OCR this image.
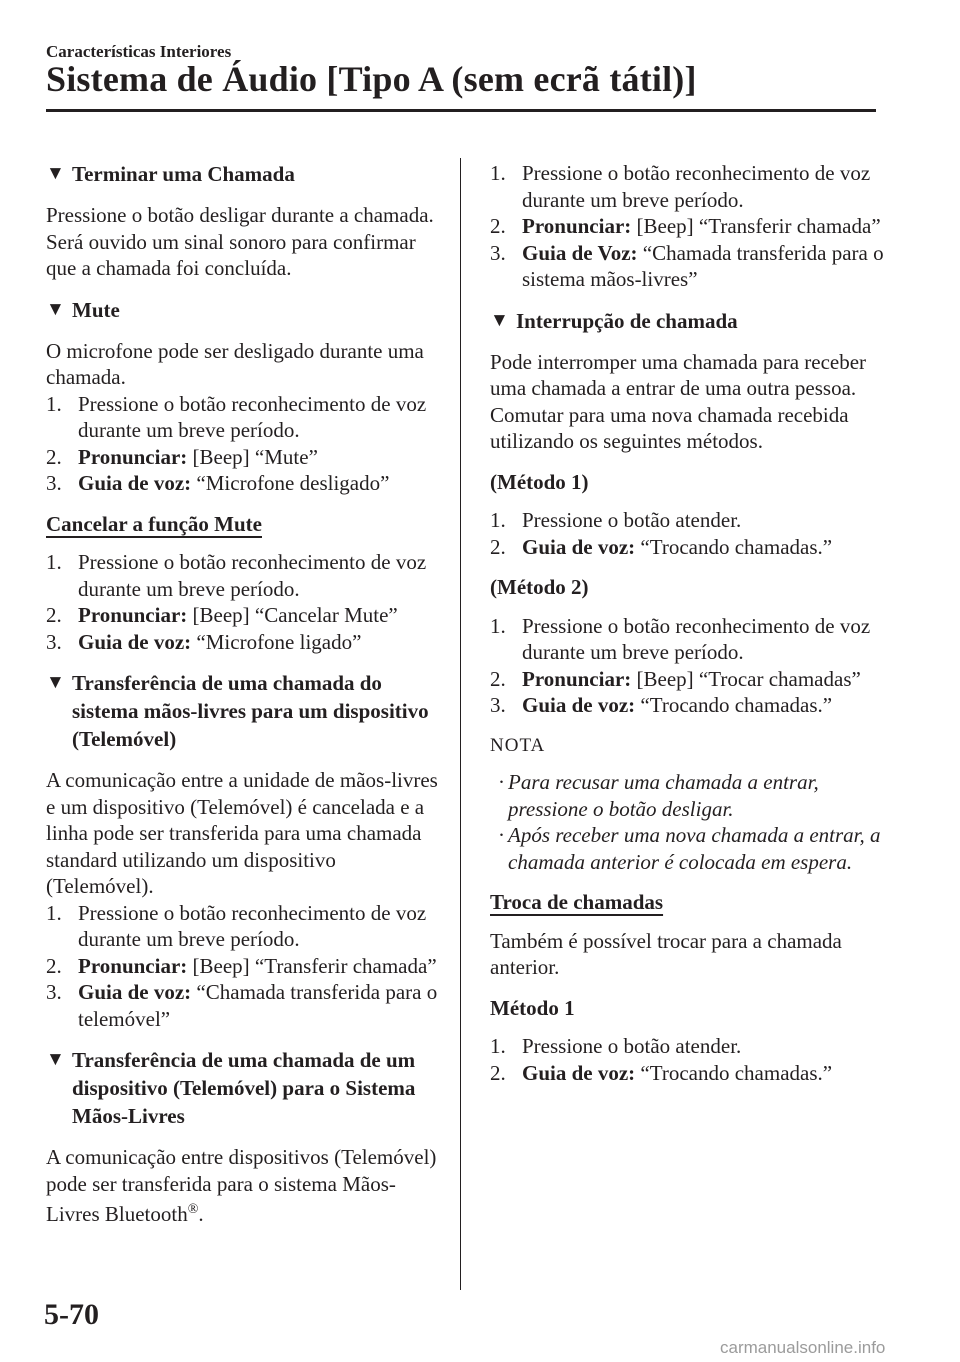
Características Interiores
Sistema de Áudio [Tipo A (sem ecrã tátil)]
▼ Terminar uma Chamada

Pressione o botão desligar durante a chamada. Será ouvido um sinal sonoro para confirmar que a chamada foi concluída.

▼ Mute

O microfone pode ser desligado durante uma chamada.

1. Pressione o botão reconhecimento de voz durante um breve período.
2. Pronunciar: [Beep] “Mute”
3. Guia de voz: “Microfone desligado”
Cancelar a função Mute
1. Pressione o botão reconhecimento de voz durante um breve período.
2. Pronunciar: [Beep] “Cancelar Mute”
3. Guia de voz: “Microfone ligado”
▼ Transferência de uma chamada do sistema mãos-livres para um dispositivo (Telemóvel)

A comunicação entre a unidade de mãos-livres e um dispositivo (Telemóvel) é cancelada e a linha pode ser transferida para uma chamada standard utilizando um dispositivo (Telemóvel).

1. Pressione o botão reconhecimento de voz durante um breve período.
2. Pronunciar: [Beep] “Transferir chamada”
3. Guia de voz: “Chamada transferida para o telemóvel”
▼ Transferência de uma chamada de um dispositivo (Telemóvel) para o Sistema Mãos-Livres

A comunicação entre dispositivos (Telemóvel) pode ser transferida para o sistema Mãos-Livres Bluetooth®.

1. Pressione o botão reconhecimento de voz durante um breve período.
2. Pronunciar: [Beep] “Transferir chamada”
3. Guia de Voz: “Chamada transferida para o sistema mãos-livres”
▼ Interrupção de chamada

Pode interromper uma chamada para receber uma chamada a entrar de uma outra pessoa.

Comutar para uma nova chamada recebida utilizando os seguintes métodos.

(Método 1)
1. Pressione o botão atender.
2. Guia de voz: “Trocando chamadas.”
(Método 2)
1. Pressione o botão reconhecimento de voz durante um breve período.
2. Pronunciar: [Beep] “Trocar chamadas”
3. Guia de voz: “Trocando chamadas.”
NOTA
· Para recusar uma chamada a entrar, pressione o botão desligar.
· Após receber uma nova chamada a entrar, a chamada anterior é colocada em espera.
Troca de chamadas

Também é possível trocar para a chamada anterior.

Método 1
1. Pressione o botão atender.
2. Guia de voz: “Trocando chamadas.”
5-70
carmanualsonline.info
